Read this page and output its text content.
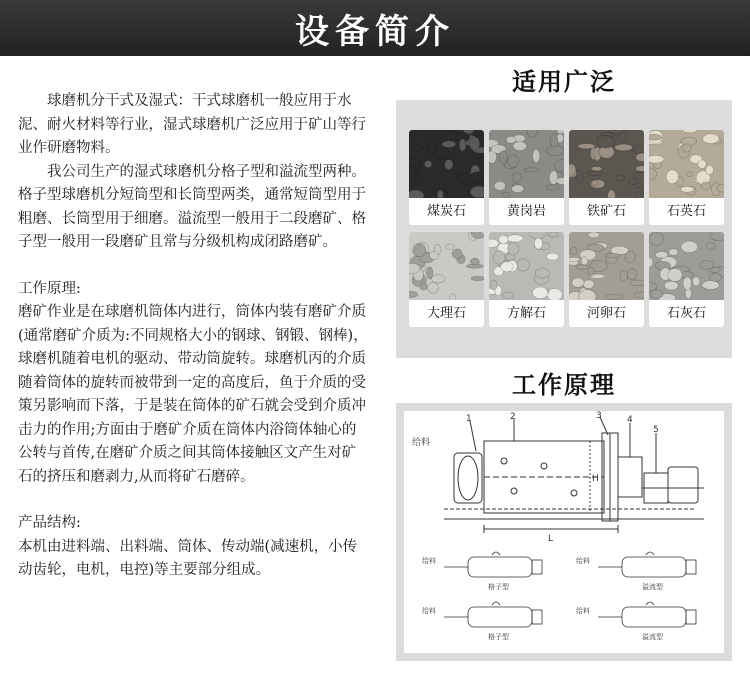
设备简介

球磨机分干式及湿式：干式球磨机一般应用于水泥、耐火材料等行业，湿式球磨机广泛应用于矿山等行业作研磨物料。

我公司生产的湿式球磨机分格子型和溢流型两种。格子型球磨机分短筒型和长筒型两类，通常短筒型用于粗磨、长筒型用于细磨。溢流型一般用于二段磨矿、格子型一般用一段磨矿且常与分级机构成闭路磨矿。

工作原理:

磨矿作业是在球磨机筒体内进行，筒体内装有磨矿介质(通常磨矿介质为:不同规格大小的钢球、钢锻、钢棒)，球磨机随着电机的驱动、带动筒旋转。球磨机丙的介质随着筒体的旋转而被带到一定的高度后，鱼于介质的受策另影响而下落，于是装在筒体的矿石就会受到介质冲击力的作用;方面由于磨矿介质在筒体内浴筒体轴心的公转与首传,在磨矿介质之间其筒体接触区文产生对矿石的挤压和磨剥力,从而将矿石磨碎。

产品结构:

本机由进料端、出料端、筒体、传动端(减速机，小传动齿轮，电机，电控)等主要部分组成。

适用广泛
煤炭石	黄岗岩	铁矿石	石英石
大理石	方解石	河卵石	石灰石
工作原理
1	2	3	4
5
L
H
给料
给料
格子型
给料
溢流型
给料
格子型
给料
溢流型
